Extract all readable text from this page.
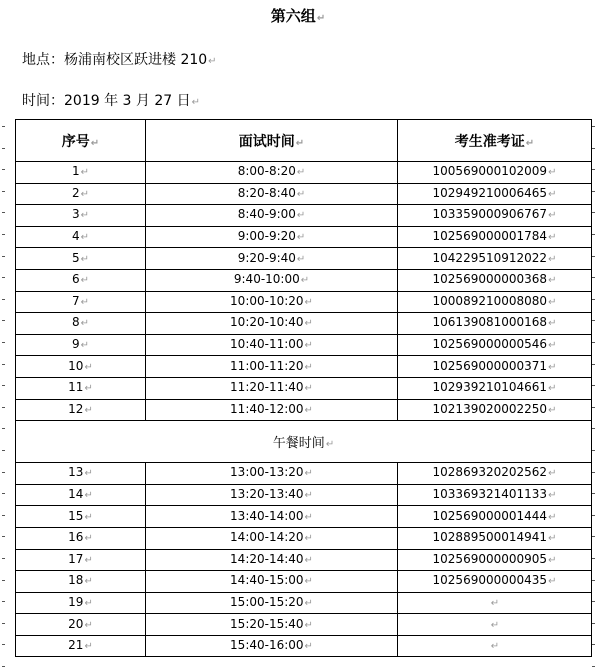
第六组↵
地点：杨浦南校区跃进楼 210↵
时间：2019 年 3 月 27 日↵
序号↵	面试时间↵	考生准考证↵
1↵	8:00-8:20↵	100569000102009↵
2↵	8:20-8:40↵	102949210006465↵
3↵	8:40-9:00↵	103359000906767↵
4↵	9:00-9:20↵	102569000001784↵
5↵	9:20-9:40↵	104229510912022↵
6↵	9:40-10:00↵	102569000000368↵
7↵	10:00-10:20↵	100089210008080↵
8↵	10:20-10:40↵	106139081000168↵
9↵	10:40-11:00↵	102569000000546↵
10↵	11:00-11:20↵	102569000000371↵
11↵	11:20-11:40↵	102939210104661↵
12↵	11:40-12:00↵	102139020002250↵
午餐时间↵		
13↵	13:00-13:20↵	102869320202562↵
14↵	13:20-13:40↵	103369321401133↵
15↵	13:40-14:00↵	102569000001444↵
16↵	14:00-14:20↵	102889500014941↵
17↵	14:20-14:40↵	102569000000905↵
18↵	14:40-15:00↵	102569000000435↵
19↵	15:00-15:20↵	↵
20↵	15:20-15:40↵	↵
21↵	15:40-16:00↵	↵
